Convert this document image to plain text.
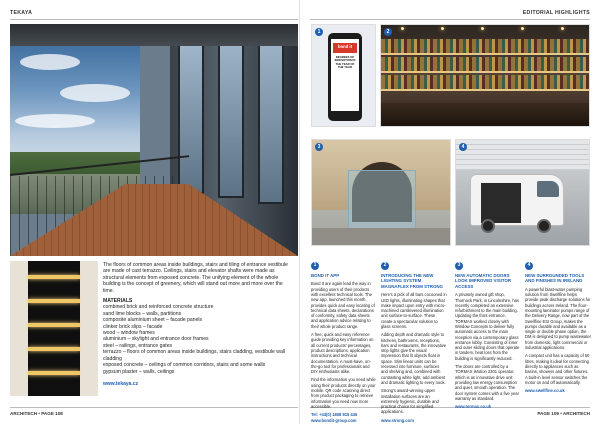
TEKAYA

The floors of common areas inside buildings, stairs and tiling of entrance vestibule are made of cast terrazzo. Ceilings, stairs and elevator shafts were made as structural elements from exposed concrete. The unifying element of the whole building is the concept of greenery, which will stand out more and more over the time.

MATERIALS
combined brick and reinforced concrete structure
sand lime blocks – walls, partitions
composite aluminium sheet – facade panels
clinker brick slips – facade
wood – window frames
aluminium – skylight and entrance door frames
steel – railings, entrance gates
terrazzo – floors of common areas inside buildings, stairs cladding, vestibule wall cladding
exposed concrete – ceilings of common corridors, stairs and some walls
gypsum plaster – walls, ceilings
www.tekaya.cz
ARCHITECH • PAGE 108
EDITORIAL HIGHLIGHTS
PAGE 109 • ARCHITECH
bond it
DEGREES OF INNOVATION IN THE YEAR OF THE YEAR
1	2
3	4
1
BOND IT APP

Bond It are again lead the way in providing users of their products with excellent technical tools. The new app, launched this month, provides quick and easy locating of technical data sheets, declarations of conformity, safety data sheets and application advice relating to their whole product range.

A free, quick and easy reference guide providing key information on all current products' percentages, product descriptions, application instructions and technical documentation. A must-have, on-the-go tool for professionals and DIY enthusiasts alike.

Find the information you need while using their products directly on your mobile. QR code scanning direct from product packaging to retrieve information you need now more accessible.

Tel: +44(0) 1808 815 445 www.bondit-group.com
2
INTRODUCING THE NEW LIGHTING SYSTEM MAGNAFLEX FROM STRONG

Here's a pick of all bars cocooned in LED lights, illuminating shapes that make impact upon entry with micro-machined cantilevered illumination unit surface-to-surface. These create a spectacular solution to glass screens.

Adding depth and dramatic style to kitchens, bathrooms, receptions, bars and restaurants, the innovative strip lights give the visual impression that lit objects float in space. Slim linear units can be recessed into furniture, surfaces and shelving and, combined with contrasting white light, add ambient and dramatic lighting to every nook.

Strong's award-winning upper installation surfaces are an extremely hygienic, durable and practical choice for simplified applications.

www.strong.com
3
NEW AUTOMATIC DOORS LOOK IMPROVED VISITOR ACCESS

A privately owned gift shop, Thornock Park, in Lincolnshire, has recently completed an extensive refurbishment to the main building. Updating the front entrance, TORMAX worked closely with Window Concepts to deliver fully automatic access to the main reception via a contemporary glass entrance lobby. Consisting of inner and outer sliding doors that operate in tandem, heat loss from the building is significantly reduced.

The doors are controlled by a TORMAX iMotion 2301 operator, which is an innovative drive unit providing low energy consumption and quiet, smooth operation. The door system comes with a five year warranty as standard.

www.tormax.co.uk
4
NEW SURROUNDED TOOLS AND FINISHES IN IRELAND

A powerful blast-water pumping solution from Swellfine helps provide peak discharge solutions for buildings across Ireland. The floor-mounting laminator pumps range of the Delivery Range, now part of the Swellfine ESI Group, makes the pumps durable and available as a single or double phase option, the DM is designed to pump wastewater from domestic, light commercial or industrial applications.

A compact unit has a capacity of 50 litres, making it ideal for connecting directly to appliances such as basins, showers and other fixtures. A built-in level sensor switches the motor on and off automatically.

www.swellfine.co.uk
